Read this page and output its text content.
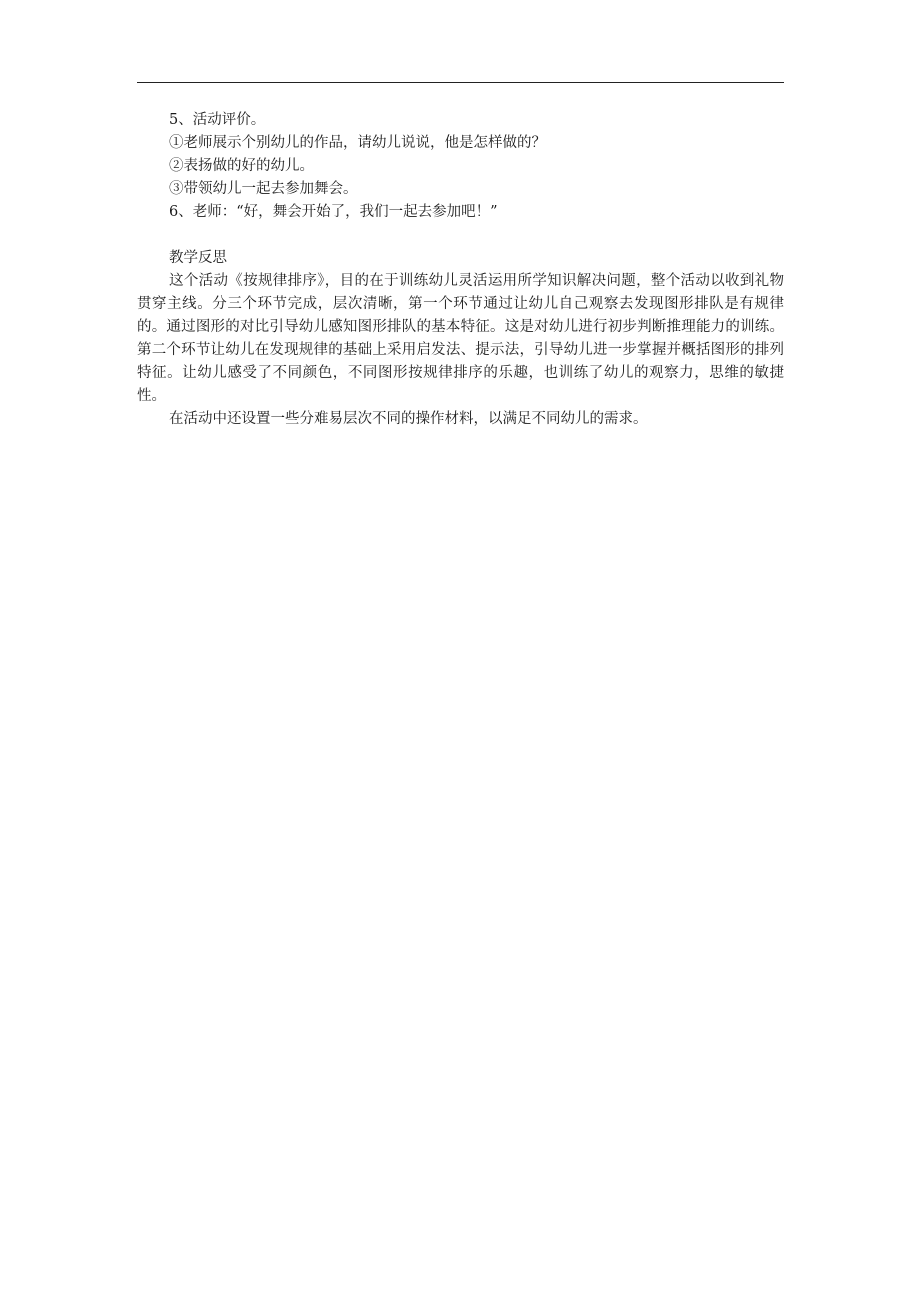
5、活动评价。
①老师展示个别幼儿的作品，请幼儿说说，他是怎样做的？
②表扬做的好的幼儿。
③带领幼儿一起去参加舞会。
6、老师：“好，舞会开始了，我们一起去参加吧！”
教学反思
这个活动《按规律排序》，目的在于训练幼儿灵活运用所学知识解决问题，整个活动以收到礼物贯穿主线。分三个环节完成，层次清晰，第一个环节通过让幼儿自己观察去发现图形排队是有规律的。通过图形的对比引导幼儿感知图形排队的基本特征。这是对幼儿进行初步判断推理能力的训练。第二个环节让幼儿在发现规律的基础上采用启发法、提示法，引导幼儿进一步掌握并概括图形的排列特征。让幼儿感受了不同颜色，不同图形按规律排序的乐趣，也训练了幼儿的观察力，思维的敏捷性。
在活动中还设置一些分难易层次不同的操作材料，以满足不同幼儿的需求。
